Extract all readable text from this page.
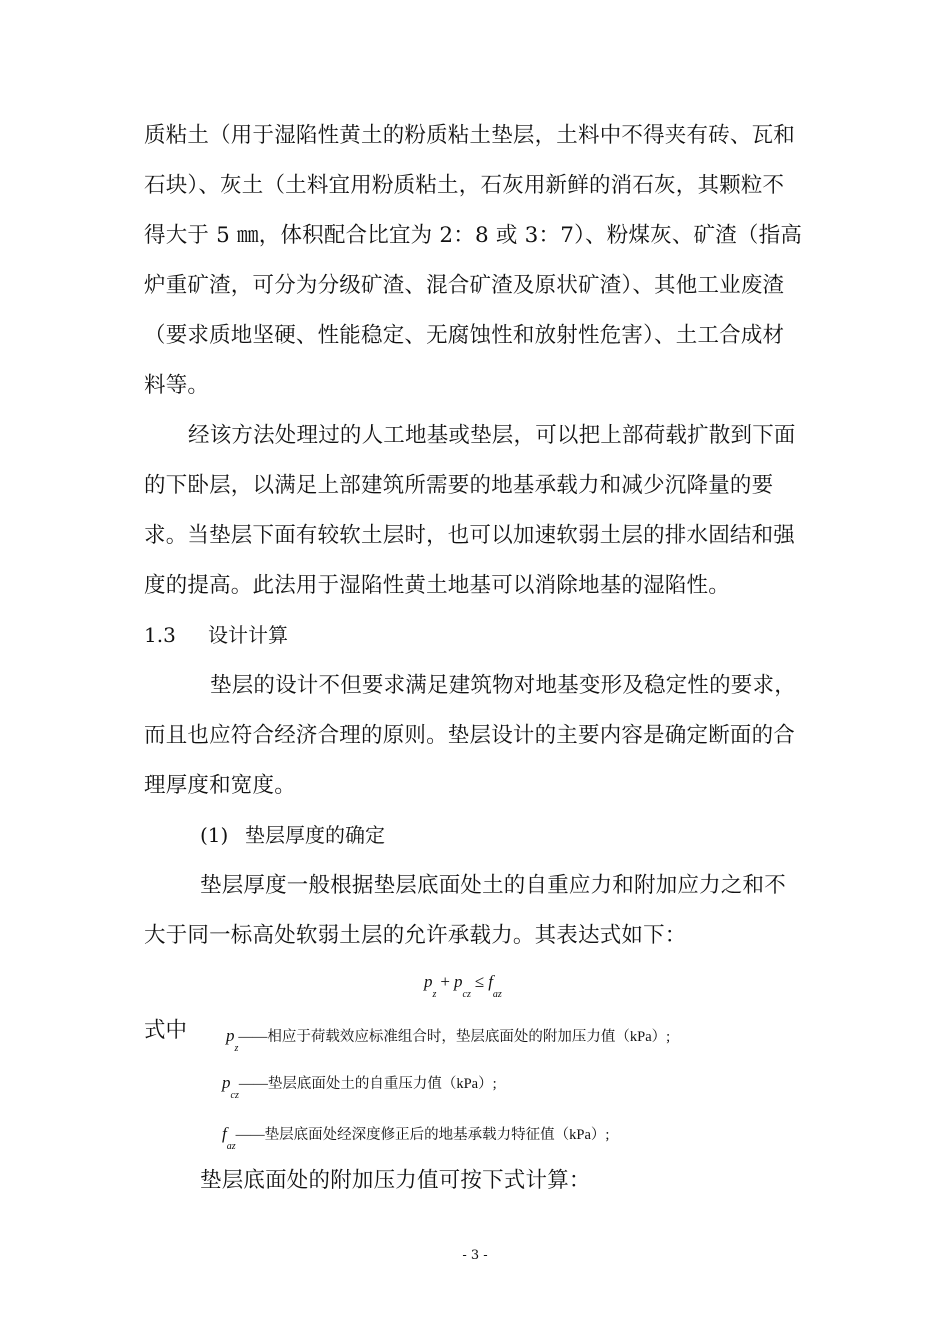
质粘土（用于湿陷性黄土的粉质粘土垫层，土料中不得夹有砖、瓦和
石块）、灰土（土料宜用粉质粘土，石灰用新鲜的消石灰，其颗粒不
得大于 5 ㎜，体积配合比宜为 2：8 或 3：7）、粉煤灰、矿渣（指高
炉重矿渣，可分为分级矿渣、混合矿渣及原状矿渣）、其他工业废渣
（要求质地坚硬、性能稳定、无腐蚀性和放射性危害）、土工合成材
料等。
经该方法处理过的人工地基或垫层，可以把上部荷载扩散到下面
的下卧层，以满足上部建筑所需要的地基承载力和减少沉降量的要
求。当垫层下面有较软土层时，也可以加速软弱土层的排水固结和强
度的提高。此法用于湿陷性黄土地基可以消除地基的湿陷性。
1.3 设计计算
垫层的设计不但要求满足建筑物对地基变形及稳定性的要求，
而且也应符合经济合理的原则。垫层设计的主要内容是确定断面的合
理厚度和宽度。
(1) 垫层厚度的确定
垫层厚度一般根据垫层底面处土的自重应力和附加应力之和不
大于同一标高处软弱土层的允许承载力。其表达式如下：
$p_z+ p_{cz}\le f_{az}$
式中 $p_z——$相应于荷载效应标准组合时，垫层底面处的附加压力值（kPa）;
$p_{cz}——$垫层底面处土的自重压力值（kPa）;
$f_{az}——$垫层底面处经深度修正后的地基承载力特征值（kPa）;
垫层底面处的附加压力值可按下式计算：
- 3 -
